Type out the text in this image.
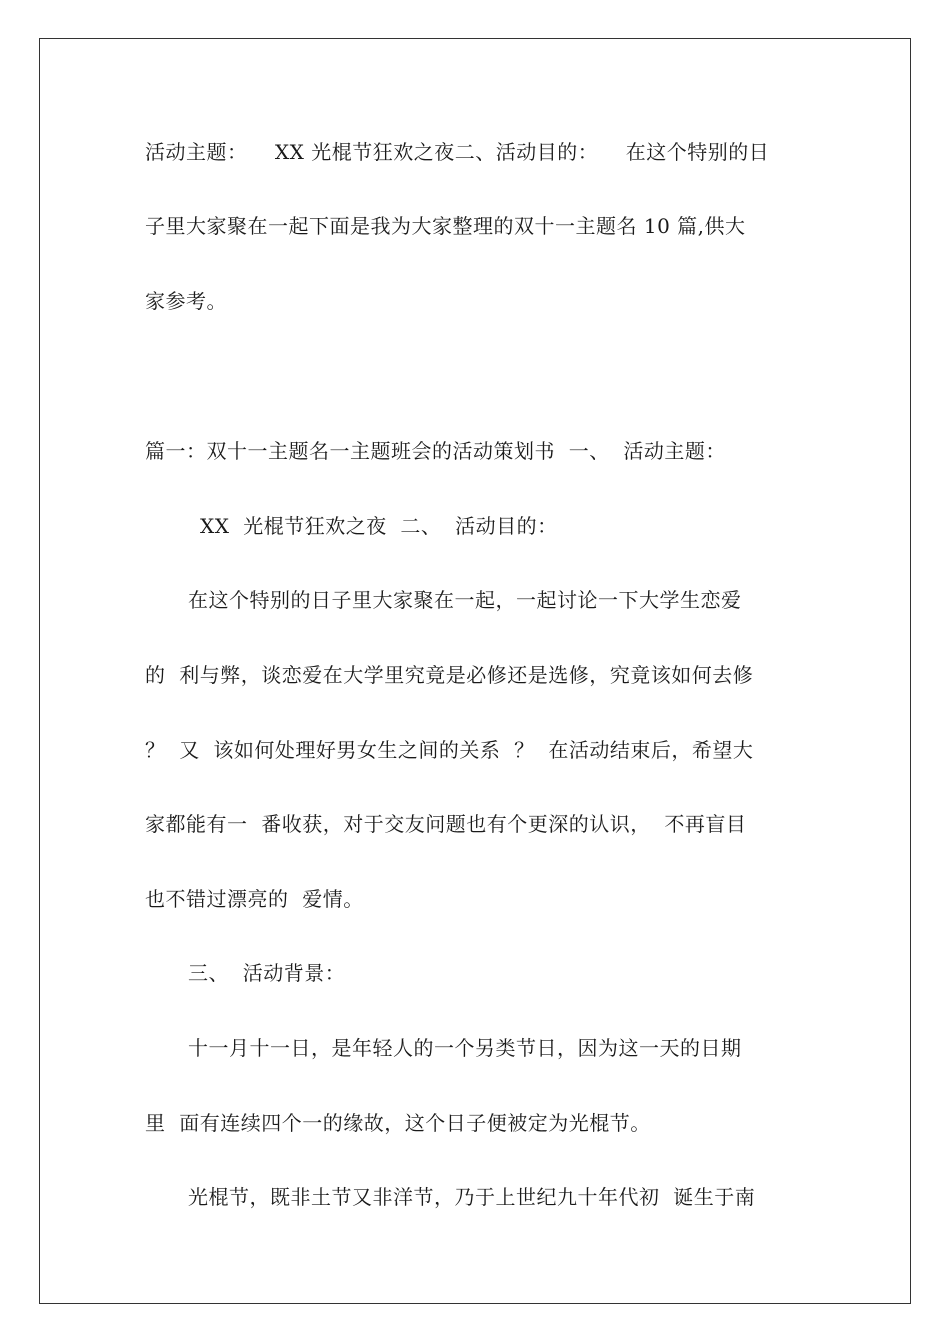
活动主题：    XX 光棍节狂欢之夜二、活动目的：    在这个特别的日
子里大家聚在一起下面是我为大家整理的双十一主题名 10 篇,供大
家参考。
篇一：双十一主题名一主题班会的活动策划书  一、  活动主题：
XX  光棍节狂欢之夜  二、  活动目的：
在这个特别的日子里大家聚在一起，一起讨论一下大学生恋爱
的  利与弊，谈恋爱在大学里究竟是必修还是选修，究竟该如何去修
？  又  该如何处理好男女生之间的关系  ？  在活动结束后，希望大
家都能有一  番收获，对于交友问题也有个更深的认识，  不再盲目
也不错过漂亮的  爱情。
三、  活动背景：
十一月十一日，是年轻人的一个另类节日，因为这一天的日期
里  面有连续四个一的缘故，这个日子便被定为光棍节。
光棍节，既非土节又非洋节，乃于上世纪九十年代初  诞生于南
